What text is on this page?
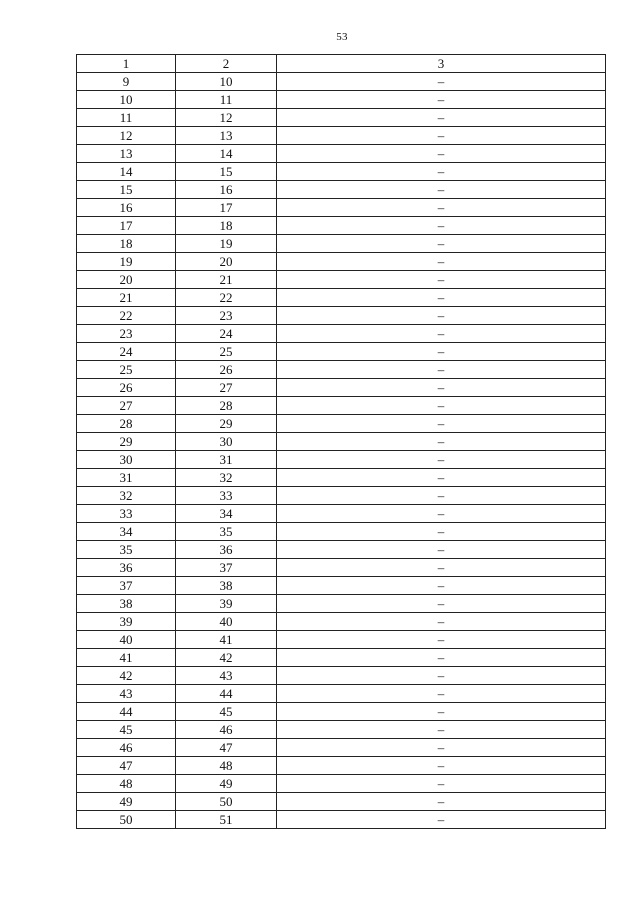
53
1	2	3
9	10	–
10	11	–
11	12	–
12	13	–
13	14	–
14	15	–
15	16	–
16	17	–
17	18	–
18	19	–
19	20	–
20	21	–
21	22	–
22	23	–
23	24	–
24	25	–
25	26	–
26	27	–
27	28	–
28	29	–
29	30	–
30	31	–
31	32	–
32	33	–
33	34	–
34	35	–
35	36	–
36	37	–
37	38	–
38	39	–
39	40	–
40	41	–
41	42	–
42	43	–
43	44	–
44	45	–
45	46	–
46	47	–
47	48	–
48	49	–
49	50	–
50	51	–
